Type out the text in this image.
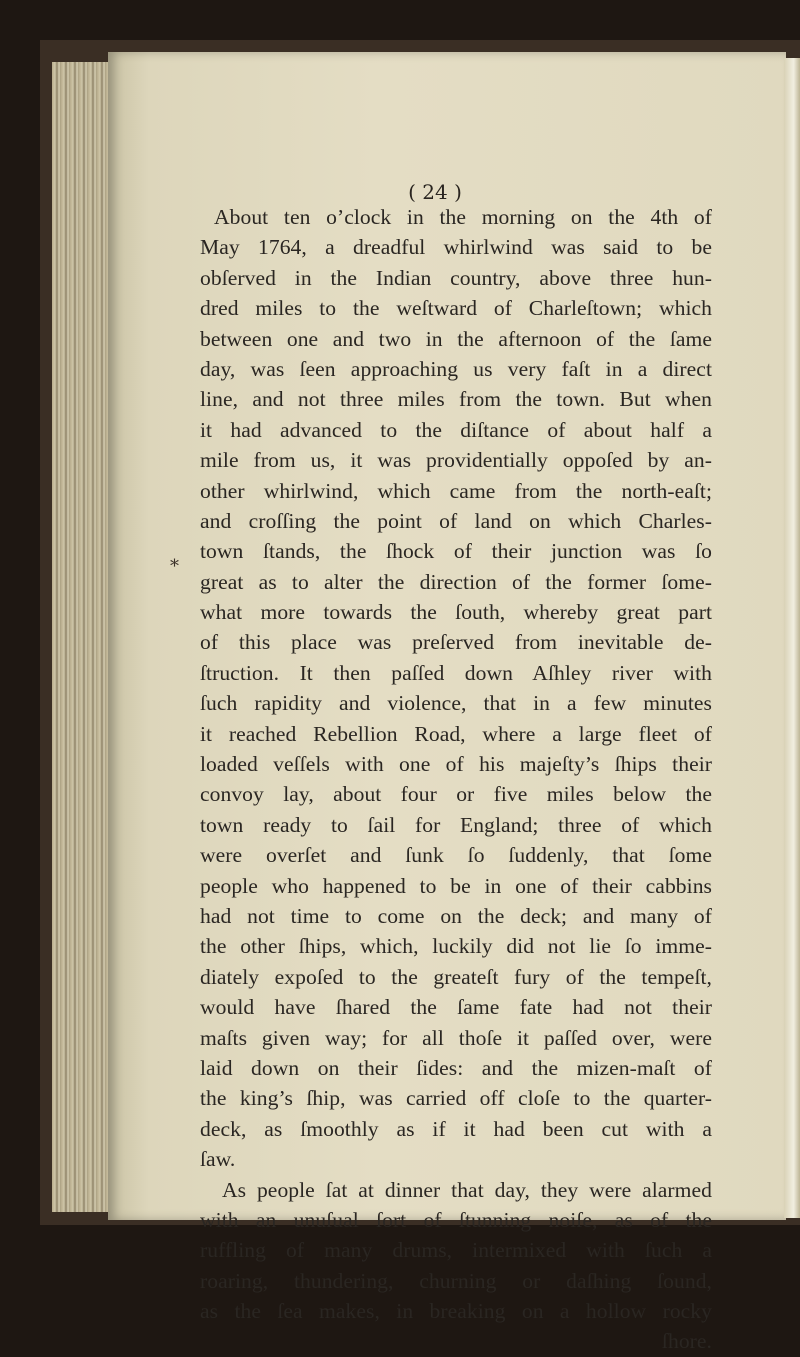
( 24 )
*
About ten o’clock in the morning on the 4th of
May 1764, a dreadful whirlwind was said to be
obſerved in the Indian country, above three hun-
dred miles to the weſtward of Charleſtown; which
between one and two in the afternoon of the ſame
day, was ſeen approaching us very faſt in a direct
line, and not three miles from the town. But when
it had advanced to the diſtance of about half a
mile from us, it was providentially oppoſed by an-
other whirlwind, which came from the north-eaſt;
and croſſing the point of land on which Charles-
town ſtands, the ſhock of their junction was ſo
great as to alter the direction of the former ſome-
what more towards the ſouth, whereby great part
of this place was preſerved from inevitable de-
ſtruction. It then paſſed down Aſhley river with
ſuch rapidity and violence, that in a few minutes
it reached Rebellion Road, where a large fleet of
loaded veſſels with one of his majeſty’s ſhips their
convoy lay, about four or five miles below the
town ready to ſail for England; three of which
were overſet and ſunk ſo ſuddenly, that ſome
people who happened to be in one of their cabbins
had not time to come on the deck; and many of
the other ſhips, which, luckily did not lie ſo imme-
diately expoſed to the greateſt fury of the tempeſt,
would have ſhared the ſame fate had not their
maſts given way; for all thoſe it paſſed over, were
laid down on their ſides: and the mizen-maſt of
the king’s ſhip, was carried off cloſe to the quarter-
deck, as ſmoothly as if it had been cut with a
ſaw.
As people ſat at dinner that day, they were alarmed
with an unuſual ſort of ſtunning noiſe, as of the
ruffling of many drums, intermixed with ſuch a
roaring, thundering, churning or daſhing ſound,
as the ſea makes, in breaking on a hollow rocky
ſhore.
